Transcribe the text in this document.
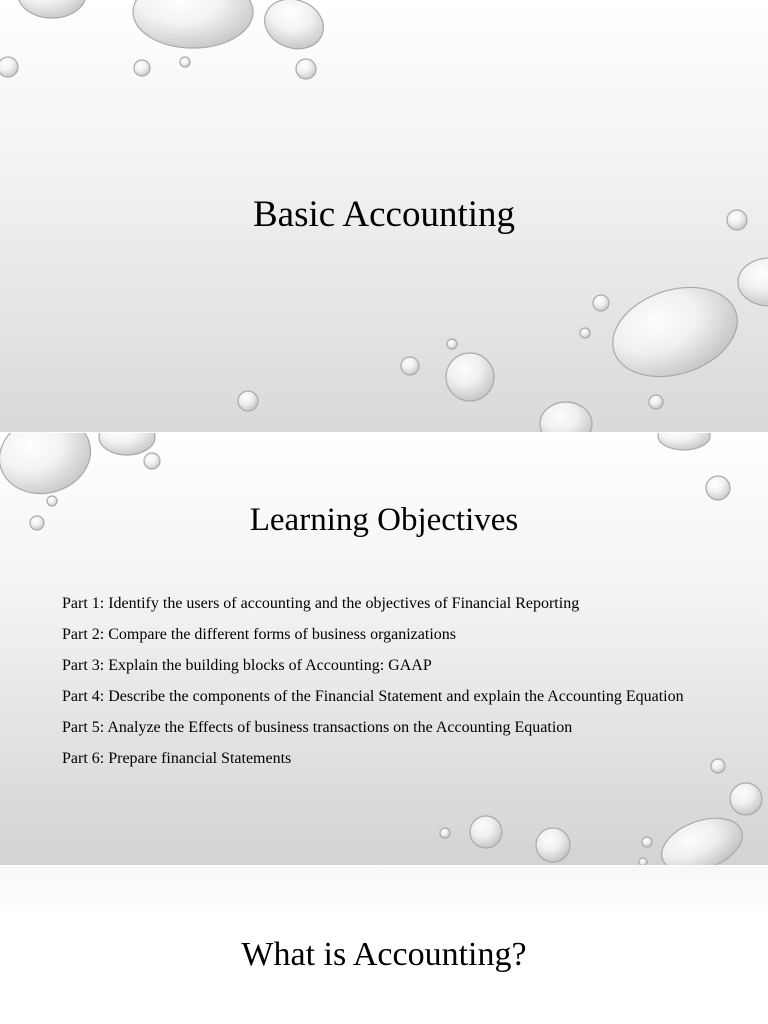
Basic Accounting
Learning Objectives
Part 1: Identify the users of accounting and the objectives of Financial Reporting
Part 2: Compare the different forms of business organizations
Part 3: Explain the building blocks of Accounting: GAAP
Part 4: Describe the components of the Financial Statement and explain the Accounting Equation
Part 5: Analyze the Effects of business transactions on the Accounting Equation
Part 6: Prepare financial Statements
What is Accounting?
